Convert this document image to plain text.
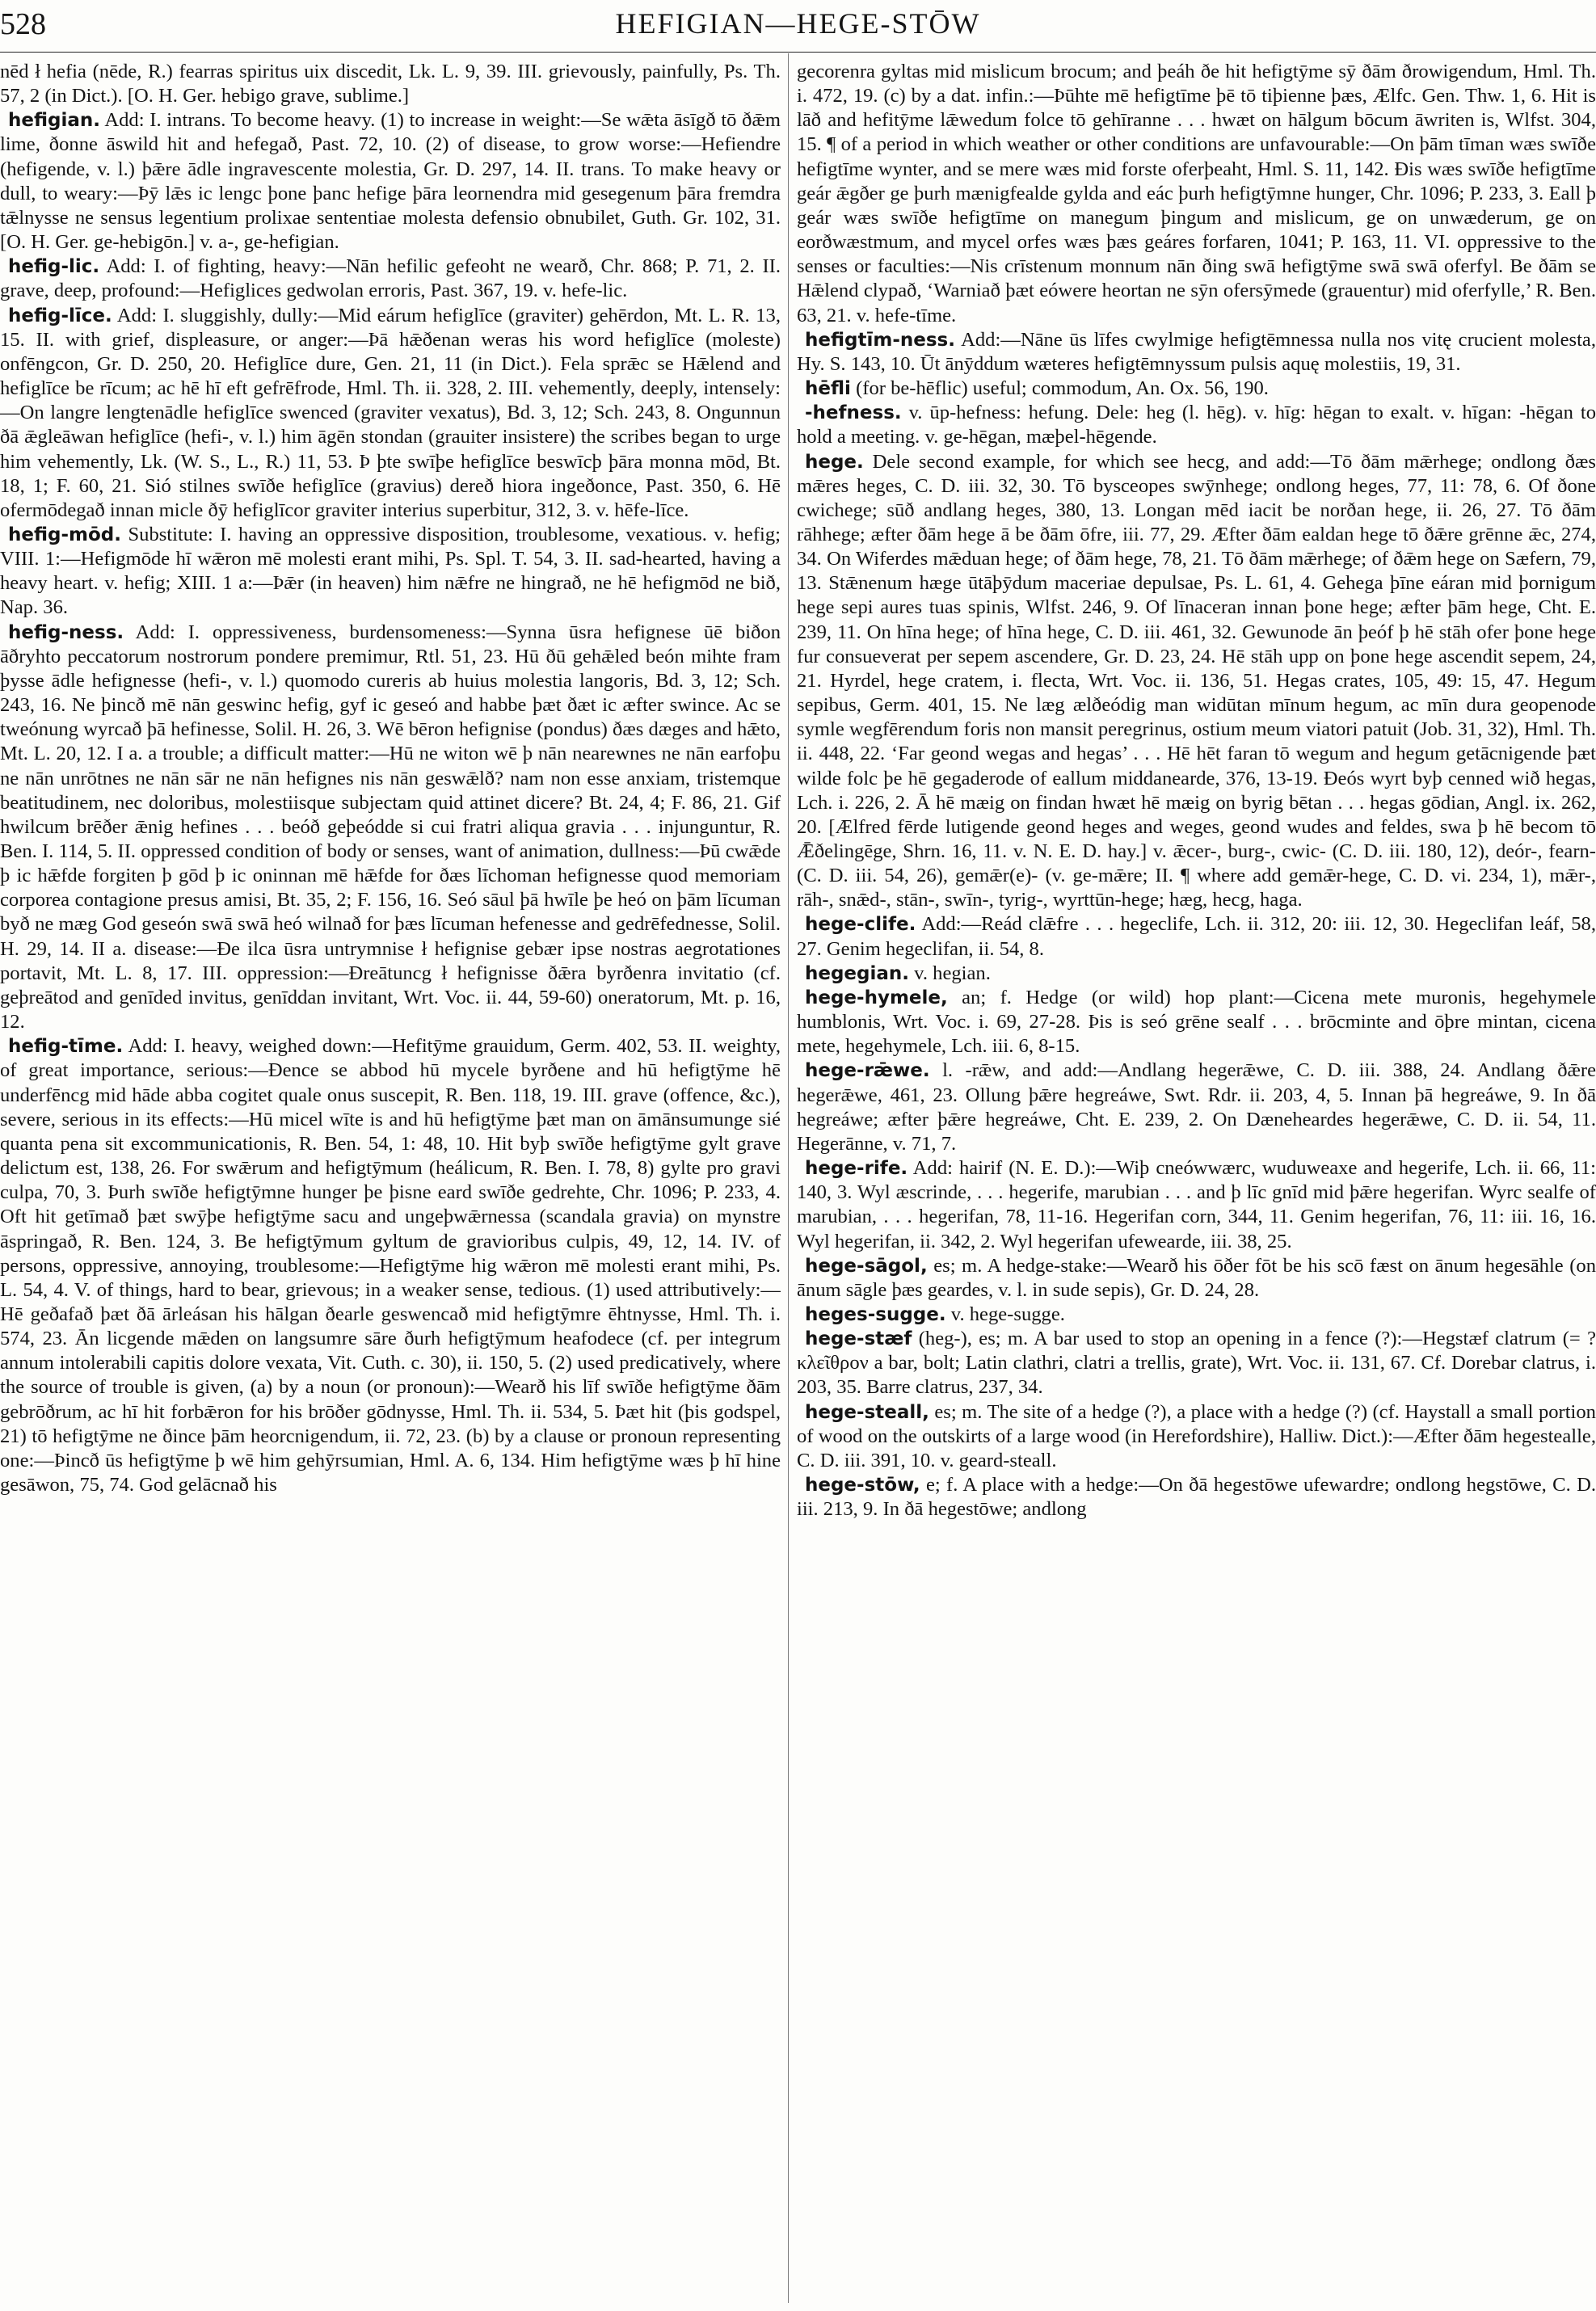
528	HEFIGIAN—HEGE-STŌW

nēd ł hefia (nēde, R.) fearras spiritus uix discedit, Lk. L. 9, 39. III. grievously, painfully, Ps. Th. 57, 2 (in Dict.). [O. H. Ger. hebigo grave, sublime.]

hefigian. Add: I. intrans. To become heavy. (1) to increase in weight:—Se wǣta āsīgð tō ðǣm lime, ðonne āswild hit and hefegað, Past. 72, 10. (2) of disease, to grow worse:—Hefiendre (hefigende, v. l.) þǣre ādle ingravescente molestia, Gr. D. 297, 14. II. trans. To make heavy or dull, to weary:—Þȳ lǣs ic lengc þone þanc hefige þāra leornendra mid gesegenum þāra fremdra tǣlnysse ne sensus legentium prolixae sententiae molesta defensio obnubilet, Guth. Gr. 102, 31. [O. H. Ger. ge-hebigōn.] v. a-, ge-hefigian.

hefig-lic. Add: I. of fighting, heavy:—Nān hefilic gefeoht ne wearð, Chr. 868; P. 71, 2. II. grave, deep, profound:—Hefiglices gedwolan erroris, Past. 367, 19. v. hefe-lic.

hefig-līce. Add: I. sluggishly, dully:—Mid eárum hefiglīce (graviter) gehērdon, Mt. L. R. 13, 15. II. with grief, displeasure, or anger:—Þā hǣðenan weras his word hefiglīce (moleste) onfēngcon, Gr. D. 250, 20. Hefiglīce dure, Gen. 21, 11 (in Dict.). Fela sprǣc se Hǣlend and hefiglīce be rīcum; ac hē hī eft gefrēfrode, Hml. Th. ii. 328, 2. III. vehemently, deeply, intensely:—On langre lengtenādle hefiglīce swenced (graviter vexatus), Bd. 3, 12; Sch. 243, 8. Ongunnun ðā ǣgleāwan hefiglīce (hefi-, v. l.) him āgēn stondan (grauiter insistere) the scribes began to urge him vehemently, Lk. (W. S., L., R.) 11, 53. Þ þte swīþe hefiglīce beswīcþ þāra monna mōd, Bt. 18, 1; F. 60, 21. Sió stilnes swīðe hefiglīce (gravius) dereð hiora ingeðonce, Past. 350, 6. Hē ofermōdegað innan micle ðȳ hefiglīcor graviter interius superbitur, 312, 3. v. hēfe-līce.

hefig-mōd. Substitute: I. having an oppressive disposition, troublesome, vexatious. v. hefig; VIII. 1:—Hefigmōde hī wǣron mē molesti erant mihi, Ps. Spl. T. 54, 3. II. sad-hearted, having a heavy heart. v. hefig; XIII. 1 a:—Þǣr (in heaven) him nǣfre ne hingrað, ne hē hefigmōd ne bið, Nap. 36.

hefig-ness. Add: I. oppressiveness, burdensomeness:—Synna ūsra hefignese ūē biðon āðryhto peccatorum nostrorum pondere premimur, Rtl. 51, 23. Hū ðū gehǣled beón mihte fram þysse ādle hefignesse (hefi-, v. l.) quomodo cureris ab huius molestia langoris, Bd. 3, 12; Sch. 243, 16. Ne þincð mē nān geswinc hefig, gyf ic geseó and habbe þæt ðæt ic æfter swince. Ac se tweónung wyrcað þā hefinesse, Solil. H. 26, 3. Wē bēron hefignise (pondus) ðæs dæges and hǣto, Mt. L. 20, 12. I a. a trouble; a difficult matter:—Hū ne witon wē þ nān nearewnes ne nān earfoþu ne nān unrōtnes ne nān sār ne nān hefignes nis nān geswǣlð? nam non esse anxiam, tristemque beatitudinem, nec doloribus, molestiisque subjectam quid attinet dicere? Bt. 24, 4; F. 86, 21. Gif hwilcum brēðer ǣnig hefines . . . beóð geþeódde si cui fratri aliqua gravia . . . injunguntur, R. Ben. I. 114, 5. II. oppressed condition of body or senses, want of animation, dullness:—Þū cwǣde þ ic hǣfde forgiten þ gōd þ ic oninnan mē hǣfde for ðæs līchoman hefignesse quod memoriam corporea contagione presus amisi, Bt. 35, 2; F. 156, 16. Seó sāul þā hwīle þe heó on þām līcuman byð ne mæg God geseón swā swā heó wilnað for þæs līcuman hefenesse and gedrēfednesse, Solil. H. 29, 14. II a. disease:—Ðe ilca ūsra untrymnise ł hefignise gebær ipse nostras aegrotationes portavit, Mt. L. 8, 17. III. oppression:—Ðreātuncg ł hefignisse ðǣra byrðenra invitatio (cf. geþreātod and genīded invitus, genīddan invitant, Wrt. Voc. ii. 44, 59-60) oneratorum, Mt. p. 16, 12.

hefig-tīme. Add: I. heavy, weighed down:—Hefitȳme grauidum, Germ. 402, 53. II. weighty, of great importance, serious:—Ðence se abbod hū mycele byrðene and hū hefigtȳme hē underfēncg mid hāde abba cogitet quale onus suscepit, R. Ben. 118, 19. III. grave (offence, &c.), severe, serious in its effects:—Hū micel wīte is and hū hefigtȳme þæt man on āmānsumunge sié quanta pena sit excommunicationis, R. Ben. 54, 1: 48, 10. Hit byþ swīðe hefigtȳme gylt grave delictum est, 138, 26. For swǣrum and hefigtȳmum (heálicum, R. Ben. I. 78, 8) gylte pro gravi culpa, 70, 3. Þurh swīðe hefigtȳmne hunger þe þisne eard swīðe gedrehte, Chr. 1096; P. 233, 4. Oft hit getīmað þæt swȳþe hefigtȳme sacu and ungeþwǣrnessa (scandala gravia) on mynstre āspringað, R. Ben. 124, 3. Be hefigtȳmum gyltum de gravioribus culpis, 49, 12, 14. IV. of persons, oppressive, annoying, troublesome:—Hefigtȳme hig wǣron mē molesti erant mihi, Ps. L. 54, 4. V. of things, hard to bear, grievous; in a weaker sense, tedious. (1) used attributively:—Hē geðafað þæt ðā ārleásan his hālgan ðearle geswencað mid hefigtȳmre ēhtnysse, Hml. Th. i. 574, 23. Ān licgende mǣden on langsumre sāre ðurh hefigtȳmum heafodece (cf. per integrum annum intolerabili capitis dolore vexata, Vit. Cuth. c. 30), ii. 150, 5. (2) used predicatively, where the source of trouble is given, (a) by a noun (or pronoun):—Wearð his līf swīðe hefigtȳme ðām gebrōðrum, ac hī hit forbǣron for his brōðer gōdnysse, Hml. Th. ii. 534, 5. Þæt hit (þis godspel, 21) tō hefigtȳme ne ðince þām heorcnigendum, ii. 72, 23. (b) by a clause or pronoun representing one:—Þincð ūs hefigtȳme þ wē him gehȳrsumian, Hml. A. 6, 134. Him hefigtȳme wæs þ hī hine gesāwon, 75, 74. God gelācnað his

gecorenra gyltas mid mislicum brocum; and þeáh ðe hit hefigtȳme sȳ ðām ðrowigendum, Hml. Th. i. 472, 19. (c) by a dat. infin.:—Þūhte mē hefigtīme þē tō tiþienne þæs, Ælfc. Gen. Thw. 1, 6. Hit is lāð and hefitȳme lǣwedum folce tō gehīranne . . . hwæt on hālgum bōcum āwriten is, Wlfst. 304, 15. ¶ of a period in which weather or other conditions are unfavourable:—On þām tīman wæs swīðe hefigtīme wynter, and se mere wæs mid forste oferþeaht, Hml. S. 11, 142. Ðis wæs swīðe hefigtīme geár ǣgðer ge þurh mænigfealde gylda and eác þurh hefigtȳmne hunger, Chr. 1096; P. 233, 3. Eall þ geár wæs swīðe hefigtīme on manegum þingum and mislicum, ge on unwæderum, ge on eorðwæstmum, and mycel orfes wæs þæs geáres forfaren, 1041; P. 163, 11. VI. oppressive to the senses or faculties:—Nis crīstenum monnum nān ðing swā hefigtȳme swā swā oferfyl. Be ðām se Hǣlend clypað, ‘Warniað þæt eówere heortan ne sȳn ofersȳmede (grauentur) mid oferfylle,’ R. Ben. 63, 21. v. hefe-tīme.

hefigtīm-ness. Add:—Nāne ūs līfes cwylmige hefigtēmnessa nulla nos vitę crucient molesta, Hy. S. 143, 10. Ūt ānȳddum wæteres hefigtēmnyssum pulsis aquę molestiis, 19, 31.

hēfli (for be-hēflic) useful; commodum, An. Ox. 56, 190.

-hefness. v. ūp-hefness: hefung. Dele: heg (l. hēg). v. hīg: hēgan to exalt. v. hīgan: -hēgan to hold a meeting. v. ge-hēgan, mæþel-hēgende.

hege. Dele second example, for which see hecg, and add:—Tō ðām mǣrhege; ondlong ðæs mǣres heges, C. D. iii. 32, 30. Tō bysceopes swȳnhege; ondlong heges, 77, 11: 78, 6. Of ðone cwichege; sūð andlang heges, 380, 13. Longan mēd iacit be norðan hege, ii. 26, 27. Tō ðām rāhhege; æfter ðām hege ā be ðām ōfre, iii. 77, 29. Æfter ðām ealdan hege tō ðǣre grēnne ǣc, 274, 34. On Wiferdes mǣduan hege; of ðām hege, 78, 21. Tō ðām mǣrhege; of ðǣm hege on Sæfern, 79, 13. Stǣnenum hæge ūtāþȳdum maceriae depulsae, Ps. L. 61, 4. Gehega þīne eáran mid þornigum hege sepi aures tuas spinis, Wlfst. 246, 9. Of līnaceran innan þone hege; æfter þām hege, Cht. E. 239, 11. On hīna hege; of hīna hege, C. D. iii. 461, 32. Gewunode ān þeóf þ hē stāh ofer þone hege fur consueverat per sepem ascendere, Gr. D. 23, 24. Hē stāh upp on þone hege ascendit sepem, 24, 21. Hyrdel, hege cratem, i. flecta, Wrt. Voc. ii. 136, 51. Hegas crates, 105, 49: 15, 47. Hegum sepibus, Germ. 401, 15. Ne læg ælðeódig man widūtan mīnum hegum, ac mīn dura geopenode symle wegfērendum foris non mansit peregrinus, ostium meum viatori patuit (Job. 31, 32), Hml. Th. ii. 448, 22. ‘Far geond wegas and hegas’ . . . Hē hēt faran tō wegum and hegum getācnigende þæt wilde folc þe hē gegaderode of eallum middaneardе, 376, 13-19. Ðeós wyrt byþ cenned wið hegas, Lch. i. 226, 2. Ā hē mæig on findan hwæt hē mæig on byrig bētan . . . hegas gōdian, Angl. ix. 262, 20. [Ælfred fērde lutigende geond heges and weges, geond wudes and feldes, swa þ hē becom tō Ǣðelingēge, Shrn. 16, 11. v. N. E. D. hay.] v. ǣcer-, burg-, cwic- (C. D. iii. 180, 12), deór-, fearn- (C. D. iii. 54, 26), gemǣr(e)- (v. ge-mǣre; II. ¶ where add gemǣr-hege, C. D. vi. 234, 1), mǣr-, rāh-, snǣd-, stān-, swīn-, tyrig-, wyrttūn-hege; hæg, hecg, haga.

hege-clife. Add:—Reád clǣfre . . . hegeclife, Lch. ii. 312, 20: iii. 12, 30. Hegeclifan leáf, 58, 27. Genim hegeclifan, ii. 54, 8.

hegegian. v. hegian.

hege-hymele, an; f. Hedge (or wild) hop plant:—Cicena mete muronis, hegehymele humblonis, Wrt. Voc. i. 69, 27-28. Þis is seó grēne sealf . . . brōcminte and ōþre mintan, cicena mete, hegehymele, Lch. iii. 6, 8-15.

hege-rǣwe. l. -rǣw, and add:—Andlang hegerǣwe, C. D. iii. 388, 24. Andlang ðǣre hegerǣwe, 461, 23. Ollung þǣre hegreáwe, Swt. Rdr. ii. 203, 4, 5. Innan þā hegreáwe, 9. In ðā hegreáwe; æfter þǣre hegreáwe, Cht. E. 239, 2. On Dæneheardes hegerǣwe, C. D. ii. 54, 11. Hegerānne, v. 71, 7.

hege-rife. Add: hairif (N. E. D.):—Wiþ cneówwærc, wuduweaxe and hegerife, Lch. ii. 66, 11: 140, 3. Wyl æscrinde, . . . hegerife, marubian . . . and þ līc gnīd mid þǣre hegerifan. Wyrc sealfe of marubian, . . . hegerifan, 78, 11-16. Hegerifan corn, 344, 11. Genim hegerifan, 76, 11: iii. 16, 16. Wyl hegerifan, ii. 342, 2. Wyl hegerifan ufeweardе, iii. 38, 25.

hege-sāgol, es; m. A hedge-stake:—Wearð his ōðer fōt be his scō fæst on ānum hegesāhle (on ānum sāgle þæs geardes, v. l. in sude sepis), Gr. D. 24, 28.

heges-sugge. v. hege-sugge.

hege-stæf (heg-), es; m. A bar used to stop an opening in a fence (?):—Hegstæf clatrum (= ? κλεῖθρον a bar, bolt; Latin clathri, clatri a trellis, grate), Wrt. Voc. ii. 131, 67. Cf. Dorebar clatrus, i. 203, 35. Barre clatrus, 237, 34.

hege-steall, es; m. The site of a hedge (?), a place with a hedge (?) (cf. Haystall a small portion of wood on the outskirts of a large wood (in Herefordshire), Halliw. Dict.):—Æfter ðām hegestealle, C. D. iii. 391, 10. v. geard-steall.

hege-stōw, e; f. A place with a hedge:—On ðā hegestōwe ufewardre; ondlong hegstōwe, C. D. iii. 213, 9. In ðā hegestōwe; andlong
